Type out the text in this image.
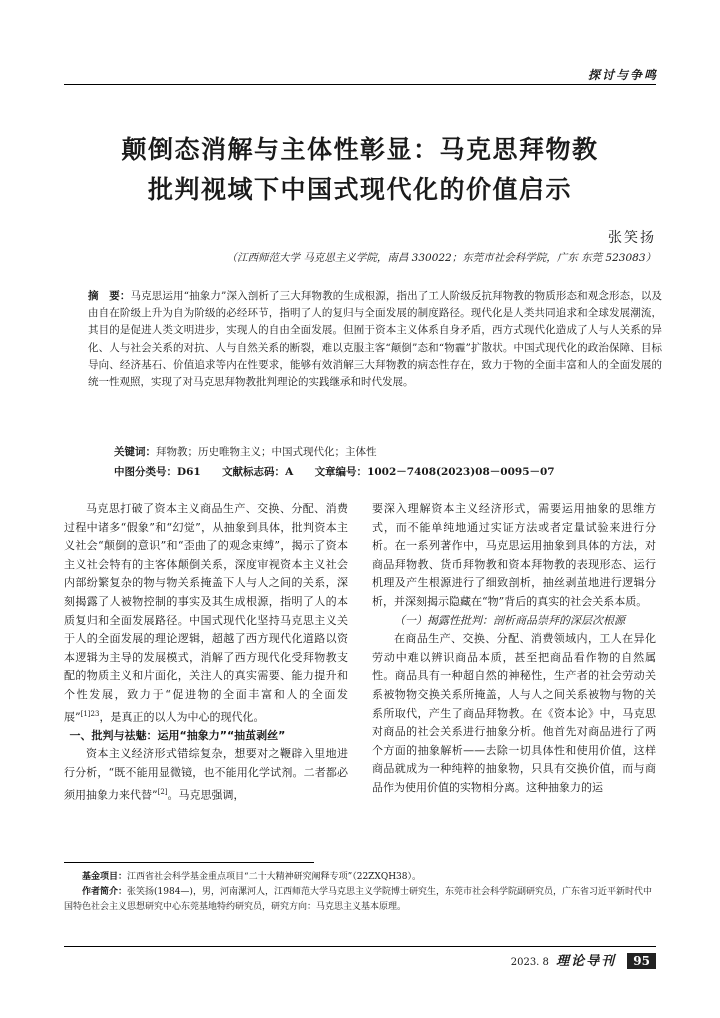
探讨与争鸣
颠倒态消解与主体性彰显：马克思拜物教
批判视域下中国式现代化的价值启示
张笑扬
（江西师范大学 马克思主义学院，南昌 330022；东莞市社会科学院，广东 东莞 523083）
摘　要：马克思运用“抽象力”深入剖析了三大拜物教的生成根源，指出了工人阶级反抗拜物教的物质形态和观念形态，以及由自在阶级上升为自为阶级的必经环节，指明了人的复归与全面发展的制度路径。现代化是人类共同追求和全球发展潮流，其目的是促进人类文明进步，实现人的自由全面发展。但囿于资本主义体系自身矛盾，西方式现代化造成了人与人关系的异化、人与社会关系的对抗、人与自然关系的断裂，难以克服主客“颠倒”态和“物霾”扩散状。中国式现代化的政治保障、目标导向、经济基石、价值追求等内在性要求，能够有效消解三大拜物教的病态性存在，致力于物的全面丰富和人的全面发展的统一性观照，实现了对马克思拜物教批判理论的实践继承和时代发展。
关键词：拜物教；历史唯物主义；中国式现代化；主体性
中图分类号：D61 文献标志码：A 文章编号：1002－7408(2023)08－0095－07

马克思打破了资本主义商品生产、交换、分配、消费过程中诸多“假象”和“幻觉”，从抽象到具体，批判资本主义社会“颠倒的意识”和“歪曲了的观念束缚”，揭示了资本主义社会特有的主客体颠倒关系，深度审视资本主义社会内部纷繁复杂的物与物关系掩盖下人与人之间的关系，深刻揭露了人被物控制的事实及其生成根源，指明了人的本质复归和全面发展路径。中国式现代化坚持马克思主义关于人的全面发展的理论逻辑，超越了西方现代化道路以资本逻辑为主导的发展模式，消解了西方现代化受拜物教支配的物质主义和片面化，关注人的真实需要、能力提升和个性发展，致力于“促进物的全面丰富和人的全面发展”$^{[1]23}$，是真正的以人为中心的现代化。

一、批判与祛魅：运用“抽象力”“抽茧剥丝”

资本主义经济形式错综复杂，想要对之鞭辟入里地进行分析，“既不能用显微镜，也不能用化学试剂。二者都必须用抽象力来代替”[2]。马克思强调，

要深入理解资本主义经济形式，需要运用抽象的思维方式，而不能单纯地通过实证方法或者定量试验来进行分析。在一系列著作中，马克思运用抽象到具体的方法，对商品拜物教、货币拜物教和资本拜物教的表现形态、运行机理及产生根源进行了细致剖析，抽丝剥茧地进行逻辑分析，并深刻揭示隐藏在“物”背后的真实的社会关系本质。

（一）揭露性批判：剖析商品崇拜的深层次根源

在商品生产、交换、分配、消费领域内，工人在异化劳动中难以辨识商品本质，甚至把商品看作物的自然属性。商品具有一种超自然的神秘性，生产者的社会劳动关系被物物交换关系所掩盖，人与人之间关系被物与物的关系所取代，产生了商品拜物教。在《资本论》中，马克思对商品的社会关系进行抽象分析。他首先对商品进行了两个方面的抽象解析——去除一切具体性和使用价值，这样商品就成为一种纯粹的抽象物，只具有交换价值，而与商品作为使用价值的实物相分离。这种抽象力的运

基金项目：江西省社会科学基金重点项目“二十大精神研究阐释专项”（22ZXQH38）。

作者简介：张笑扬(1984—)，男，河南漯河人，江西师范大学马克思主义学院博士研究生，东莞市社会科学院副研究员，广东省习近平新时代中国特色社会主义思想研究中心东莞基地特约研究员，研究方向：马克思主义基本原理。

2023. 8 理论导刊 95
